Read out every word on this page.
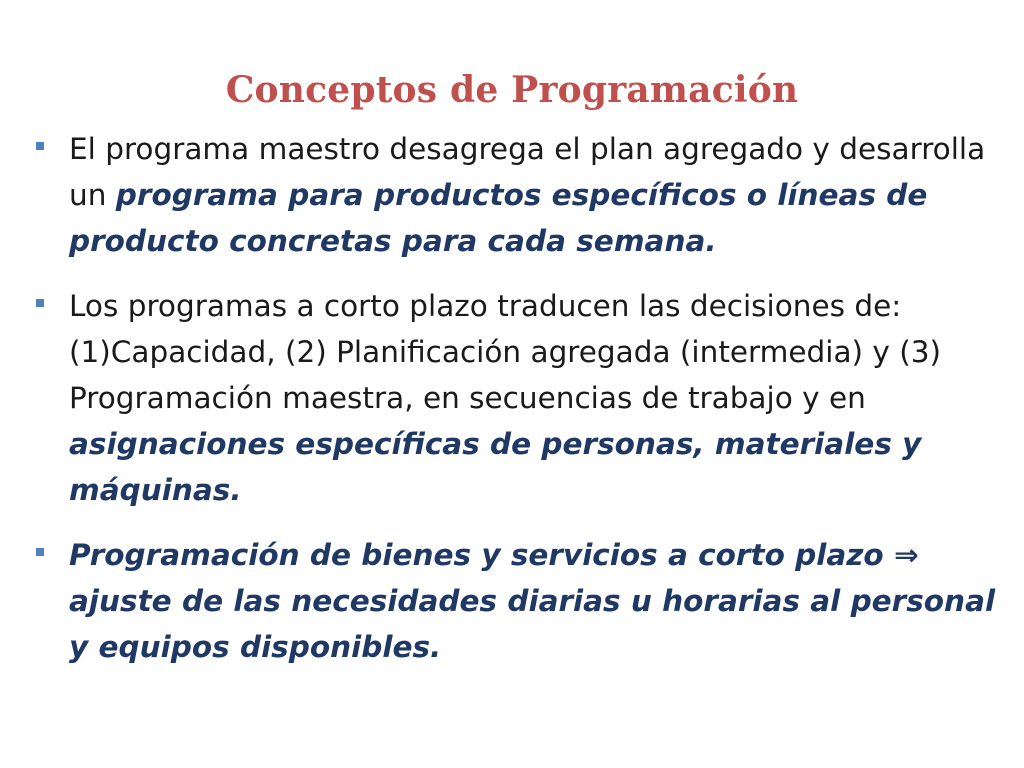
Conceptos de Programación
El programa maestro desagrega el plan agregado y desarrolla un programa para productos específicos o líneas de producto concretas para cada semana.
Los programas a corto plazo traducen las decisiones de: (1)Capacidad, (2) Planificación agregada (intermedia) y (3) Programación maestra, en secuencias de trabajo y en asignaciones específicas de personas, materiales y máquinas.
Programación de bienes y servicios a corto plazo ⇒ ajuste de las necesidades diarias u horarias al personal y equipos disponibles.
